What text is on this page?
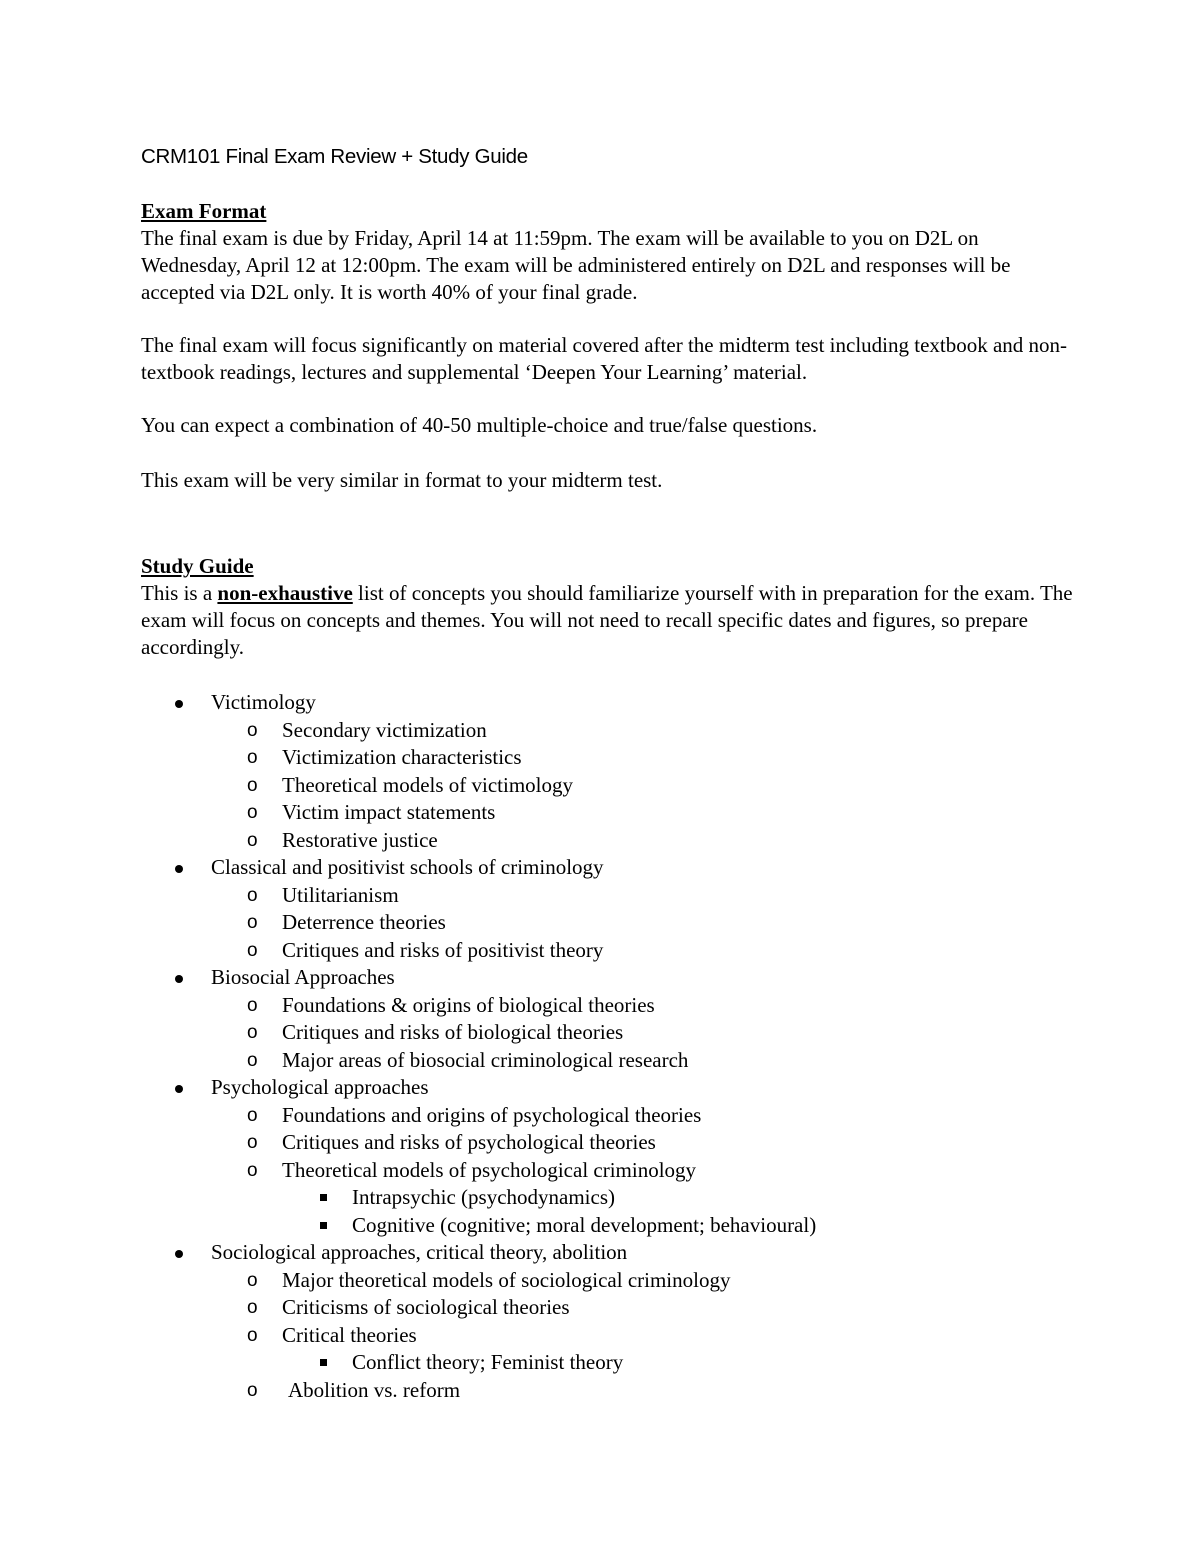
CRM101 Final Exam Review + Study Guide

Exam Format

The final exam is due by Friday, April 14 at 11:59pm. The exam will be available to you on D2L on Wednesday, April 12 at 12:00pm. The exam will be administered entirely on D2L and responses will be accepted via D2L only. It is worth 40% of your final grade.

The final exam will focus significantly on material covered after the midterm test including textbook and non-textbook readings, lectures and supplemental ‘Deepen Your Learning’ material.

You can expect a combination of 40-50 multiple-choice and true/false questions.

This exam will be very similar in format to your midterm test.

Study Guide

This is a non-exhaustive list of concepts you should familiarize yourself with in preparation for the exam. The exam will focus on concepts and themes. You will not need to recall specific dates and figures, so prepare accordingly.

Victimology
o Secondary victimization
o Victimization characteristics
o Theoretical models of victimology
o Victim impact statements
o Restorative justice
Classical and positivist schools of criminology
o Utilitarianism
o Deterrence theories
o Critiques and risks of positivist theory
Biosocial Approaches
o Foundations & origins of biological theories
o Critiques and risks of biological theories
o Major areas of biosocial criminological research
Psychological approaches
o Foundations and origins of psychological theories
o Critiques and risks of psychological theories
o Theoretical models of psychological criminology
Intrapsychic (psychodynamics)
Cognitive (cognitive; moral development; behavioural)
Sociological approaches, critical theory, abolition
o Major theoretical models of sociological criminology
o Criticisms of sociological theories
o Critical theories
Conflict theory; Feminist theory
o Abolition vs. reform
